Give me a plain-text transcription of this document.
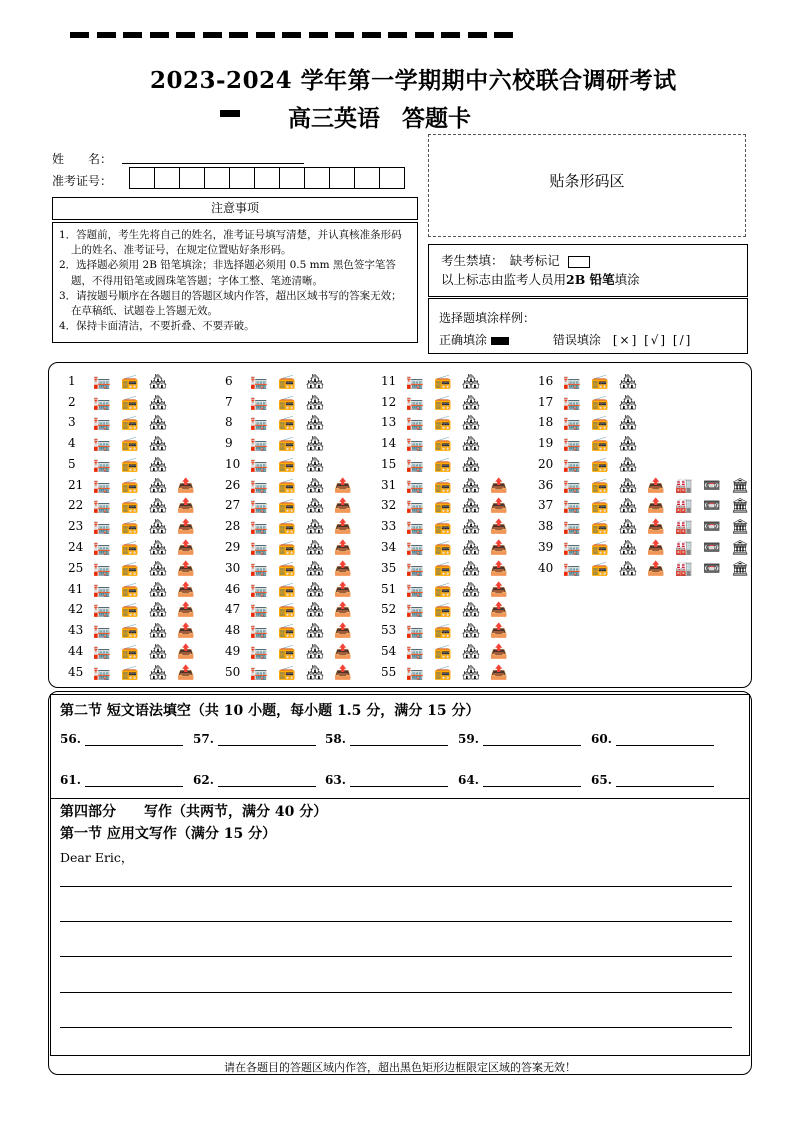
2023-2024 学年第一学期期中六校联合调研考试
高三英语 答题卡
姓　　名：
准考证号：
注意事项
1．答题前，考生先将自己的姓名，准考证号填写清楚，并认真核准条形码上的姓名、准考证号，在规定位置贴好条形码。
2．选择题必须用 2B 铅笔填涂；非选择题必须用 0.5 mm 黑色签字笔答题，不得用铅笔或圆珠笔答题；字体工整、笔迹清晰。
3．请按题号顺序在各题目的答题区域内作答，超出区域书写的答案无效；在草稿纸、试题卷上答题无效。
4．保持卡面清洁，不要折叠、不要弄破。
贴条形码区
考生禁填：　缺考标记
以上标志由监考人员用2B 铅笔填涂
选择题填涂样例：
正确填涂	错误填涂 [×] [√] [/]
1 🏣 📻 🏘
2 🏣 📻 🏘
3 🏣 📻 🏘
4 🏣 📻 🏘
5 🏣 📻 🏘
6 🏣 📻 🏘
7 🏣 📻 🏘
8 🏣 📻 🏘
9 🏣 📻 🏘
10 🏣 📻 🏘
11 🏣 📻 🏘
12 🏣 📻 🏘
13 🏣 📻 🏘
14 🏣 📻 🏘
15 🏣 📻 🏘
16 🏣 📻 🏘
17 🏣 📻 🏘
18 🏣 📻 🏘
19 🏣 📻 🏘
20 🏣 📻 🏘
21 🏣 📻 🏘 📤
22 🏣 📻 🏘 📤
23 🏣 📻 🏘 📤
24 🏣 📻 🏘 📤
25 🏣 📻 🏘 📤
26 🏣 📻 🏘 📤
27 🏣 📻 🏘 📤
28 🏣 📻 🏘 📤
29 🏣 📻 🏘 📤
30 🏣 📻 🏘 📤
31 🏣 📻 🏘 📤
32 🏣 📻 🏘 📤
33 🏣 📻 🏘 📤
34 🏣 📻 🏘 📤
35 🏣 📻 🏘 📤
36 🏣 📻 🏘 📤 🏭 📼 🏛
37 🏣 📻 🏘 📤 🏭 📼 🏛
38 🏣 📻 🏘 📤 🏭 📼 🏛
39 🏣 📻 🏘 📤 🏭 📼 🏛
40 🏣 📻 🏘 📤 🏭 📼 🏛
41 🏣 📻 🏘 📤
42 🏣 📻 🏘 📤
43 🏣 📻 🏘 📤
44 🏣 📻 🏘 📤
45 🏣 📻 🏘 📤
46 🏣 📻 🏘 📤
47 🏣 📻 🏘 📤
48 🏣 📻 🏘 📤
49 🏣 📻 🏘 📤
50 🏣 📻 🏘 📤
51 🏣 📻 🏘 📤
52 🏣 📻 🏘 📤
53 🏣 📻 🏘 📤
54 🏣 📻 🏘 📤
55 🏣 📻 🏘 📤
第二节 短文语法填空（共 10 小题，每小题 1.5 分，满分 15 分）
56.	57.	58.	59.	60.
61.	62.	63.	64.	65.
第四部分　　写作（共两节，满分 40 分）
第一节 应用文写作（满分 15 分）
Dear Eric，
请在各题目的答题区域内作答，超出黑色矩形边框限定区域的答案无效！
